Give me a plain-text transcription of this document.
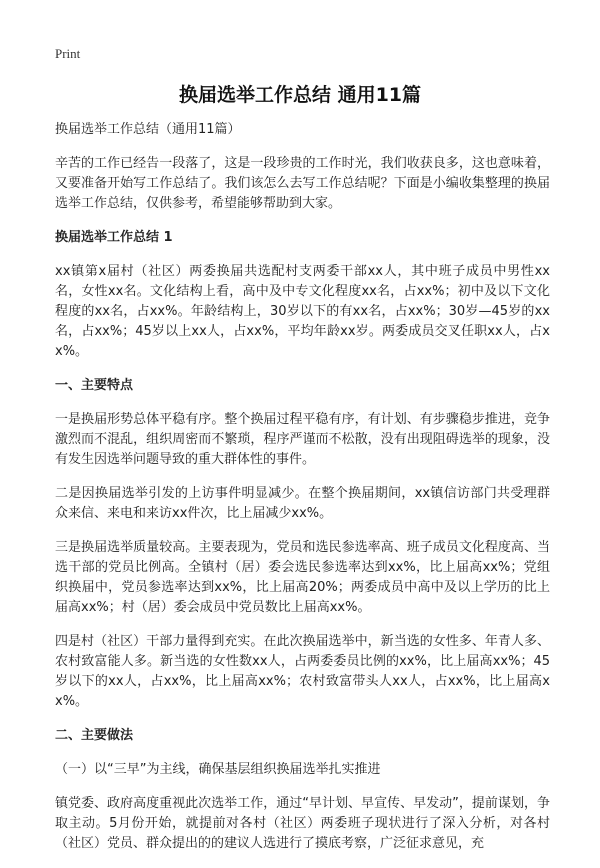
Print
换届选举工作总结 通用11篇

换届选举工作总结（通用11篇）

辛苦的工作已经告一段落了，这是一段珍贵的工作时光，我们收获良多，这也意味着，又要准备开始写工作总结了。我们该怎么去写工作总结呢？下面是小编收集整理的换届选举工作总结，仅供参考，希望能够帮助到大家。

换届选举工作总结 1

xx镇第x届村（社区）两委换届共选配村支两委干部xx人，其中班子成员中男性xx名，女性xx名。文化结构上看，高中及中专文化程度xx名，占xx%；初中及以下文化程度的xx名，占xx%。年龄结构上，30岁以下的有xx名，占xx%；30岁—45岁的xx名，占xx%；45岁以上xx人，占xx%，平均年龄xx岁。两委成员交叉任职xx人，占xx%。

一、主要特点

一是换届形势总体平稳有序。整个换届过程平稳有序，有计划、有步骤稳步推进，竞争激烈而不混乱，组织周密而不繁琐，程序严谨而不松散，没有出现阻碍选举的现象，没有发生因选举问题导致的重大群体性的事件。

二是因换届选举引发的上访事件明显减少。在整个换届期间，xx镇信访部门共受理群众来信、来电和来访xx件次，比上届减少xx%。

三是换届选举质量较高。主要表现为，党员和选民参选率高、班子成员文化程度高、当选干部的党员比例高。全镇村（居）委会选民参选率达到xx%，比上届高xx%；党组织换届中，党员参选率达到xx%，比上届高20%；两委成员中高中及以上学历的比上届高xx%；村（居）委会成员中党员数比上届高xx%。

四是村（社区）干部力量得到充实。在此次换届选举中，新当选的女性多、年青人多、农村致富能人多。新当选的女性数xx人，占两委委员比例的xx%，比上届高xx%；45岁以下的xx人，占xx%，比上届高xx%；农村致富带头人xx人，占xx%，比上届高xx%。

二、主要做法

（一）以“三早”为主线，确保基层组织换届选举扎实推进

镇党委、政府高度重视此次选举工作，通过“早计划、早宣传、早发动”，提前谋划，争取主动。5月份开始，就提前对各村（社区）两委班子现状进行了深入分析，对各村（社区）党员、群众提出的的建议人选进行了摸底考察，广泛征求意见，充
